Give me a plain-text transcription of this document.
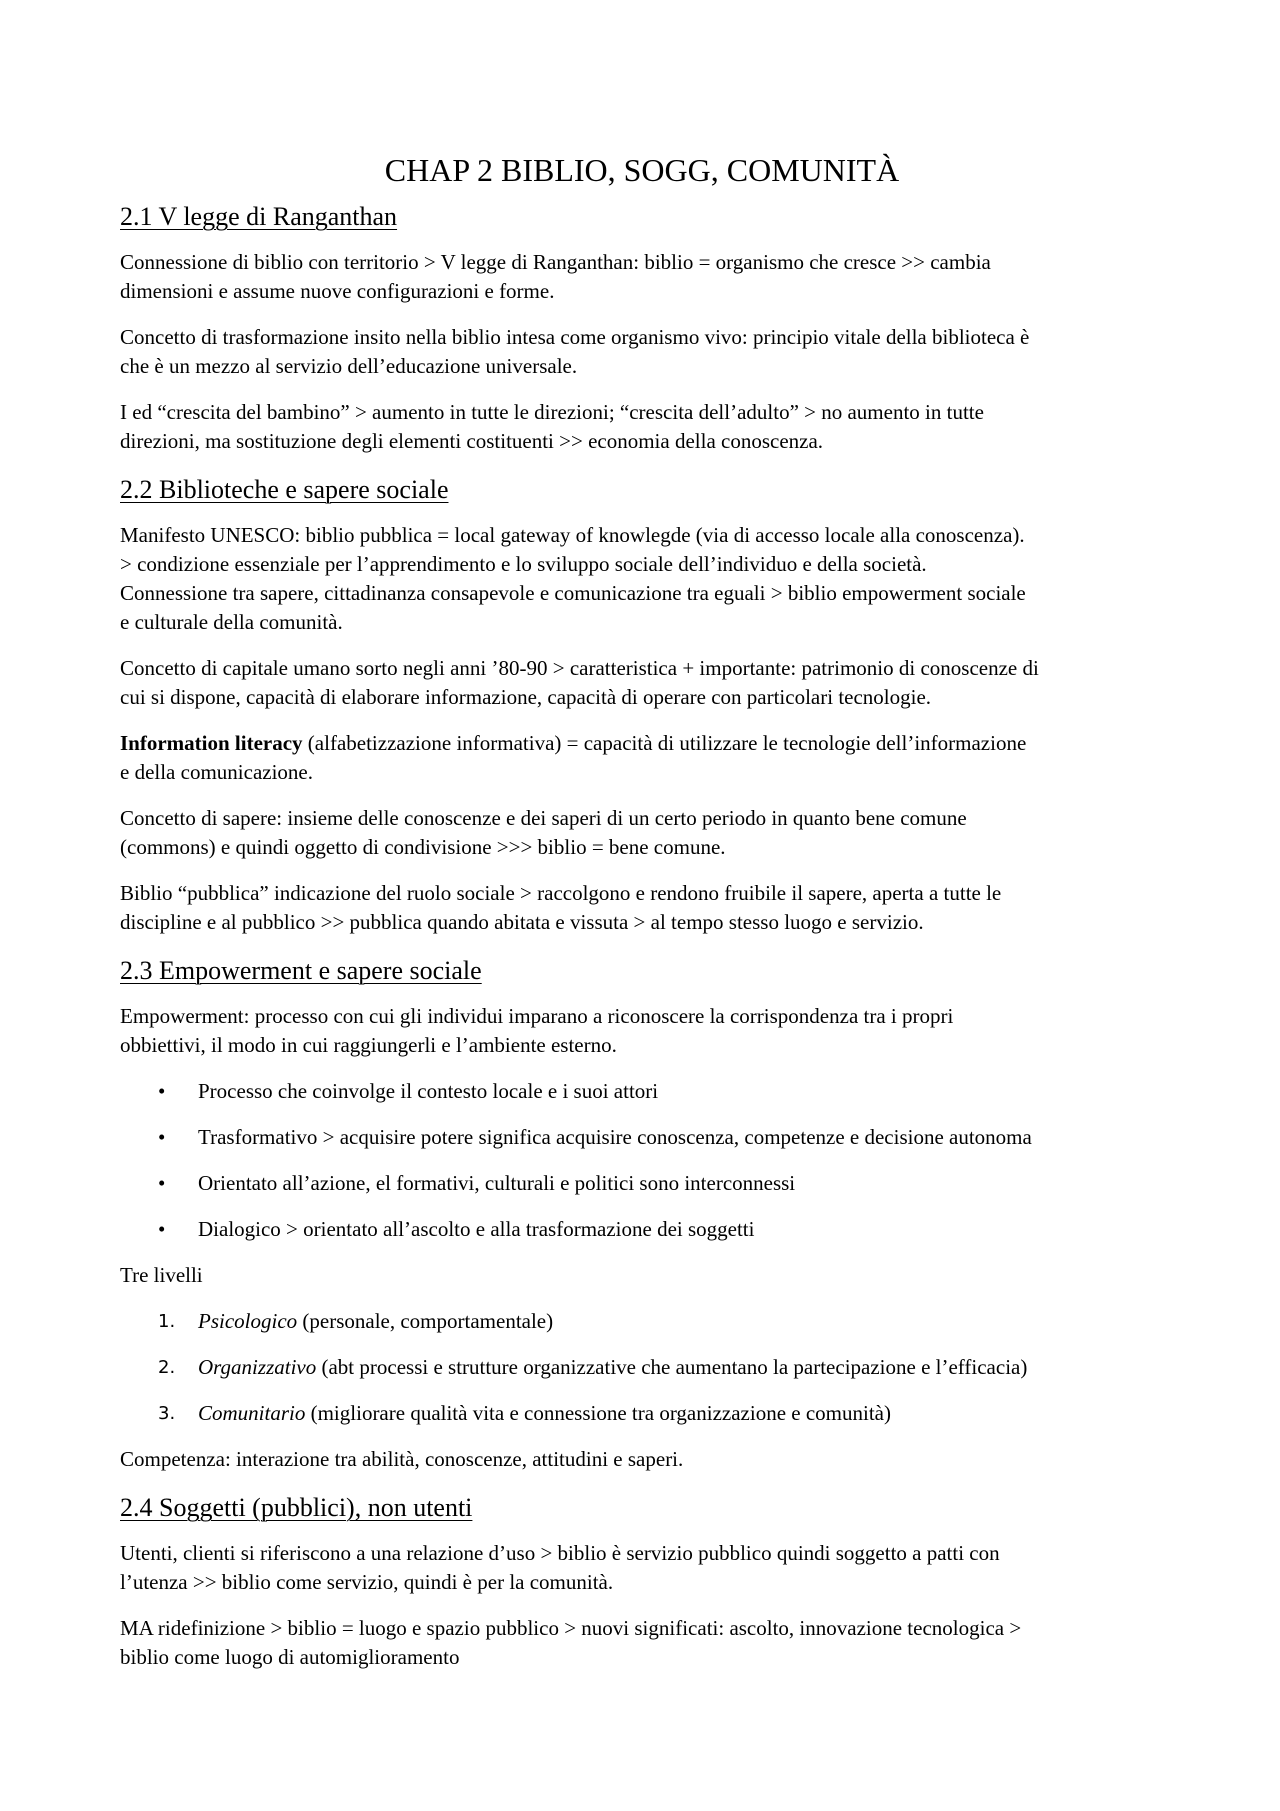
CHAP 2 BIBLIO, SOGG, COMUNITÀ
2.1 V legge di Ranganthan

Connessione di biblio con territorio > V legge di Ranganthan: biblio = organismo che cresce >> cambia
dimensioni e assume nuove configurazioni e forme.

Concetto di trasformazione insito nella biblio intesa come organismo vivo: principio vitale della biblioteca è
che è un mezzo al servizio dell’educazione universale.

I ed “crescita del bambino” > aumento in tutte le direzioni; “crescita dell’adulto” > no aumento in tutte
direzioni, ma sostituzione degli elementi costituenti >> economia della conoscenza.

2.2 Biblioteche e sapere sociale

Manifesto UNESCO: biblio pubblica = local gateway of knowlegde (via di accesso locale alla conoscenza).
> condizione essenziale per l’apprendimento e lo sviluppo sociale dell’individuo e della società.
Connessione tra sapere, cittadinanza consapevole e comunicazione tra eguali > biblio empowerment sociale
e culturale della comunità.

Concetto di capitale umano sorto negli anni ’80-90 > caratteristica + importante: patrimonio di conoscenze di
cui si dispone, capacità di elaborare informazione, capacità di operare con particolari tecnologie.

Information literacy (alfabetizzazione informativa) = capacità di utilizzare le tecnologie dell’informazione
e della comunicazione.

Concetto di sapere: insieme delle conoscenze e dei saperi di un certo periodo in quanto bene comune
(commons) e quindi oggetto di condivisione >>> biblio = bene comune.

Biblio “pubblica” indicazione del ruolo sociale > raccolgono e rendono fruibile il sapere, aperta a tutte le
discipline e al pubblico >> pubblica quando abitata e vissuta > al tempo stesso luogo e servizio.

2.3 Empowerment e sapere sociale

Empowerment: processo con cui gli individui imparano a riconoscere la corrispondenza tra i propri
obbiettivi, il modo in cui raggiungerli e l’ambiente esterno.

• Processo che coinvolge il contesto locale e i suoi attori
• Trasformativo > acquisire potere significa acquisire conoscenza, competenze e decisione autonoma
• Orientato all’azione, el formativi, culturali e politici sono interconnessi
• Dialogico > orientato all’ascolto e alla trasformazione dei soggetti

Tre livelli

1. Psicologico (personale, comportamentale)
2. Organizzativo (abt processi e strutture organizzative che aumentano la partecipazione e l’efficacia)
3. Comunitario (migliorare qualità vita e connessione tra organizzazione e comunità)

Competenza: interazione tra abilità, conoscenze, attitudini e saperi.

2.4 Soggetti (pubblici), non utenti

Utenti, clienti si riferiscono a una relazione d’uso > biblio è servizio pubblico quindi soggetto a patti con
l’utenza >> biblio come servizio, quindi è per la comunità.

MA ridefinizione > biblio = luogo e spazio pubblico > nuovi significati: ascolto, innovazione tecnologica >
biblio come luogo di automiglioramento
